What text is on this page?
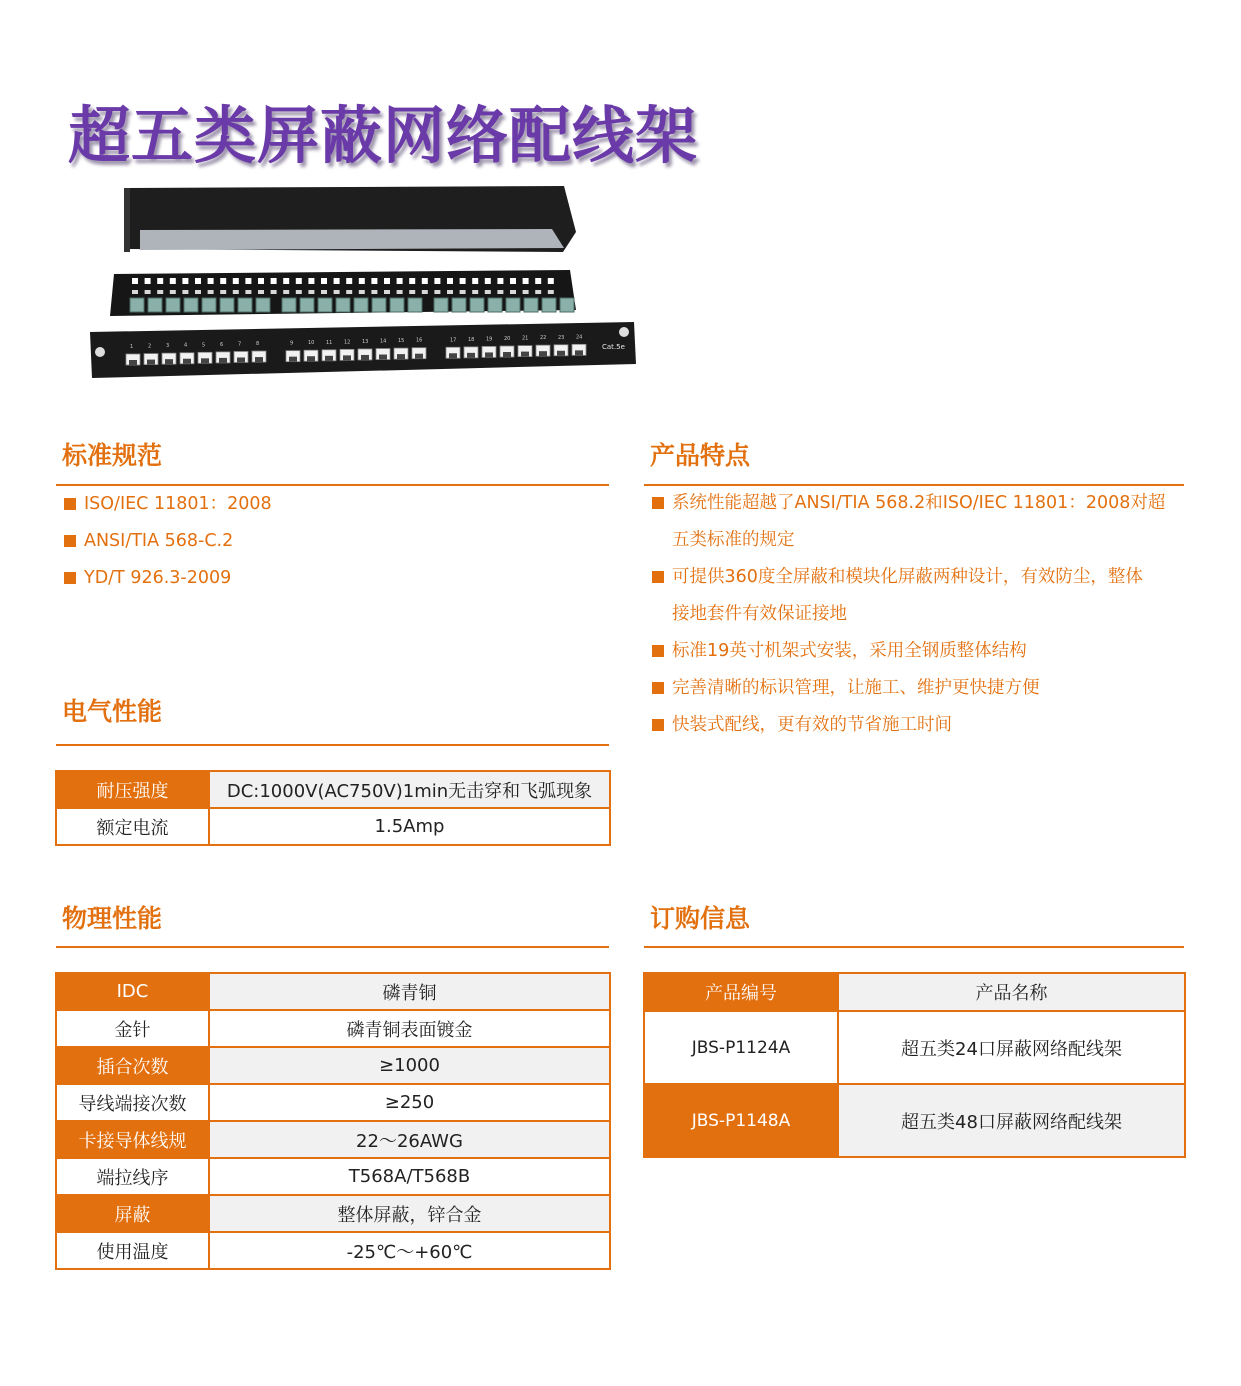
超五类屏蔽网络配线架
1	2	3	4	5	6	7	8	9	10 11 12 13 14 15 16	17 18 19 20 21 22 23 24
Cat.5e
标准规范
ISO/IEC 11801：2008
ANSI/TIA 568-C.2
YD/T 926.3-2009
产品特点
系统性能超越了ANSI/TIA 568.2和ISO/IEC 11801：2008对超
五类标准的规定
可提供360度全屏蔽和模块化屏蔽两种设计，有效防尘，整体
接地套件有效保证接地
标准19英寸机架式安装，采用全钢质整体结构
完善清晰的标识管理，让施工、维护更快捷方便
快装式配线，更有效的节省施工时间
电气性能
耐压强度	DC:1000V(AC750V)1min无击穿和飞弧现象
额定电流	1.5Amp
物理性能
IDC	磷青铜
金针	磷青铜表面镀金
插合次数	≥1000
导线端接次数	≥250
卡接导体线规	22～26AWG
端拉线序	T568A/T568B
屏蔽	整体屏蔽，锌合金
使用温度	-25℃～+60℃
订购信息
产品编号	产品名称
JBS-P1124A	超五类24口屏蔽网络配线架
JBS-P1148A	超五类48口屏蔽网络配线架
